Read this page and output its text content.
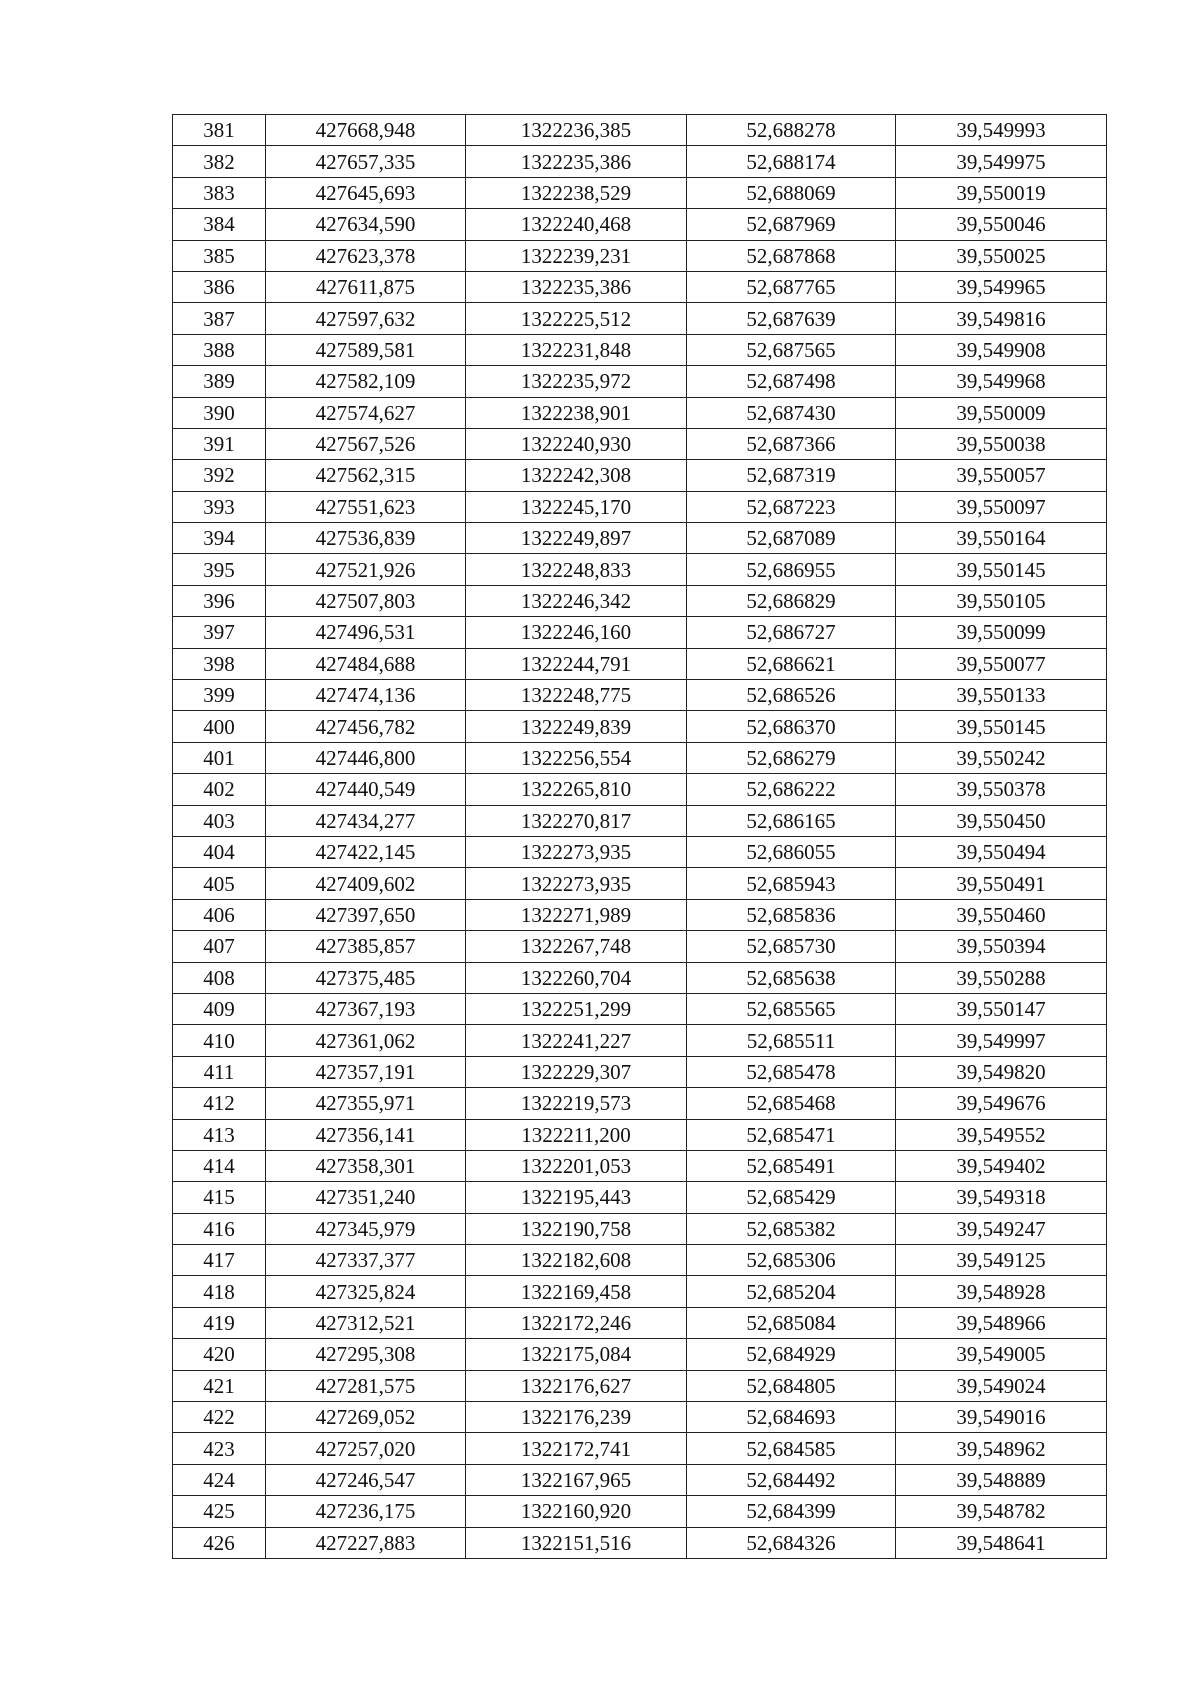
381	427668,948	1322236,385	52,688278	39,549993
382	427657,335	1322235,386	52,688174	39,549975
383	427645,693	1322238,529	52,688069	39,550019
384	427634,590	1322240,468	52,687969	39,550046
385	427623,378	1322239,231	52,687868	39,550025
386	427611,875	1322235,386	52,687765	39,549965
387	427597,632	1322225,512	52,687639	39,549816
388	427589,581	1322231,848	52,687565	39,549908
389	427582,109	1322235,972	52,687498	39,549968
390	427574,627	1322238,901	52,687430	39,550009
391	427567,526	1322240,930	52,687366	39,550038
392	427562,315	1322242,308	52,687319	39,550057
393	427551,623	1322245,170	52,687223	39,550097
394	427536,839	1322249,897	52,687089	39,550164
395	427521,926	1322248,833	52,686955	39,550145
396	427507,803	1322246,342	52,686829	39,550105
397	427496,531	1322246,160	52,686727	39,550099
398	427484,688	1322244,791	52,686621	39,550077
399	427474,136	1322248,775	52,686526	39,550133
400	427456,782	1322249,839	52,686370	39,550145
401	427446,800	1322256,554	52,686279	39,550242
402	427440,549	1322265,810	52,686222	39,550378
403	427434,277	1322270,817	52,686165	39,550450
404	427422,145	1322273,935	52,686055	39,550494
405	427409,602	1322273,935	52,685943	39,550491
406	427397,650	1322271,989	52,685836	39,550460
407	427385,857	1322267,748	52,685730	39,550394
408	427375,485	1322260,704	52,685638	39,550288
409	427367,193	1322251,299	52,685565	39,550147
410	427361,062	1322241,227	52,685511	39,549997
411	427357,191	1322229,307	52,685478	39,549820
412	427355,971	1322219,573	52,685468	39,549676
413	427356,141	1322211,200	52,685471	39,549552
414	427358,301	1322201,053	52,685491	39,549402
415	427351,240	1322195,443	52,685429	39,549318
416	427345,979	1322190,758	52,685382	39,549247
417	427337,377	1322182,608	52,685306	39,549125
418	427325,824	1322169,458	52,685204	39,548928
419	427312,521	1322172,246	52,685084	39,548966
420	427295,308	1322175,084	52,684929	39,549005
421	427281,575	1322176,627	52,684805	39,549024
422	427269,052	1322176,239	52,684693	39,549016
423	427257,020	1322172,741	52,684585	39,548962
424	427246,547	1322167,965	52,684492	39,548889
425	427236,175	1322160,920	52,684399	39,548782
426	427227,883	1322151,516	52,684326	39,548641
